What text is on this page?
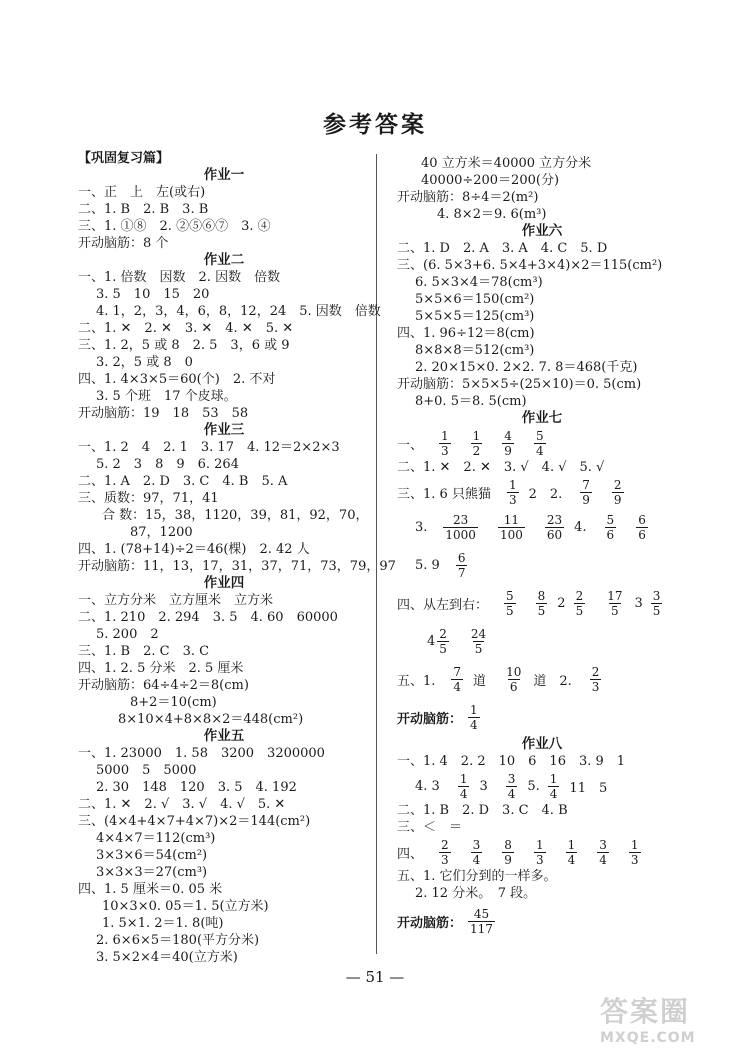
参考答案
【巩固复习篇】
作业一
一、正　上　左(或右)
二、1. B　2. B　3. B
三、1. ①⑧　2. ②⑤⑥⑦　3. ④
开动脑筋：8 个
作业二
一、1. 倍数　因数　2. 因数　倍数
3. 5　10　15　20
4. 1，2，3，4，6，8，12，24　5. 因数　倍数
二、1. ✕　2. ✕　3. ✕　4. ✕　5. ✕
三、1. 2，5 或 8　2. 5　3，6 或 9
3. 2，5 或 8　0
四、1. 4×3×5＝60(个)　2. 不对
3. 5 个班　17 个皮球。
开动脑筋：19　18　53　58
作业三
一、1. 2　4　2. 1　3. 17　4. 12＝2×2×3
5. 2　3　8　9　6. 264
二、1. A　2. D　3. C　4. B　5. A
三、质数：97，71，41
合 数：15，38，1120，39，81，92，70，
87，1200
四、1. (78+14)÷2＝46(棵)　2. 42 人
开动脑筋：11，13，17，31，37，71，73，79，97
作业四
一、立方分米　立方厘米　立方米
二、1. 210　2. 294　3. 5　4. 60　60000
5. 200　2
三、1. B　2. C　3. C
四、1. 2. 5 分米　2. 5 厘米
开动脑筋：64÷4÷2＝8(cm)
8+2＝10(cm)
8×10×4+8×8×2＝448(cm²)
作业五
一、1. 23000　1. 58　3200　3200000
5000　5　5000
2. 30　148　120　3. 5　4. 192
二、1. ✕　2. √　3. √　4. √　5. ✕
三、(4×4+4×7+4×7)×2＝144(cm²)
4×4×7＝112(cm³)
3×3×6＝54(cm²)
3×3×3＝27(cm³)
四、1. 5 厘米＝0. 05 米
10×3×0. 05＝1. 5(立方米)
1. 5×1. 2＝1. 8(吨)
2. 6×6×5＝180(平方分米)
3. 5×2×4＝40(立方米)
40 立方米＝40000 立方分米
40000÷200＝200(分)
开动脑筋：8÷4＝2(m²)
4. 8×2＝9. 6(m³)
作业六
二、1. D　2. A　3. A　4. C　5. D
三、(6. 5×3+6. 5×4+3×4)×2＝115(cm²)
6. 5×3×4＝78(cm³)
5×5×6＝150(cm²)
5×5×5＝125(cm³)
四、1. 96÷12＝8(cm)
8×8×8＝512(cm³)
2. 20×15×0. 2×2. 7. 8＝468(千克)
开动脑筋：5×5×5÷(25×10)＝0. 5(cm)
8+0. 5＝8. 5(cm)
作业七
一、 $\frac{1}{3} \frac{1}{2} \frac{4}{9} \frac{5}{4}$
二、1. ✕　2. ✕　3. √　4. √　5. √
三、1. 6 只熊猫 $\frac{1}{3} 2$　2. $\frac{7}{9} \frac{2}{9}$
3. $\frac{23}{1000} \frac{11}{100} \frac{23}{60} 4$. $\frac{5}{6} \frac{6}{6}$
5. $9 \frac{6}{7}$
四、从左到右： $\frac{5}{5} \frac{8}{5} 2 \frac{2}{5} \frac{17}{5} 3 \frac{3}{5}$
$4 \frac{2}{5} \frac{24}{5}$
五、1. $\frac{7}{4}$ 道 $\frac{10}{6}$ 道　2. $\frac{2}{3}$
开动脑筋： $\frac{1}{4}$
作业八
一、1. 4　2. 2　10　6　16　3. 9　1
4. $3 \frac{1}{4} 3 \frac{3}{4} 5$. $\frac{1}{4} 11$　5
二、1. B　2. D　3. C　4. B
三、＜　＝
四、 $\frac{2}{3} \frac{3}{4} \frac{8}{9} \frac{1}{3} \frac{1}{4} \frac{3}{4} \frac{1}{3}$
五、1. 它们分到的一样多。
2. 12 分米。　7 段。
开动脑筋： $\frac{45}{117}$
— 51 —
答案圈
MXQE.COM
